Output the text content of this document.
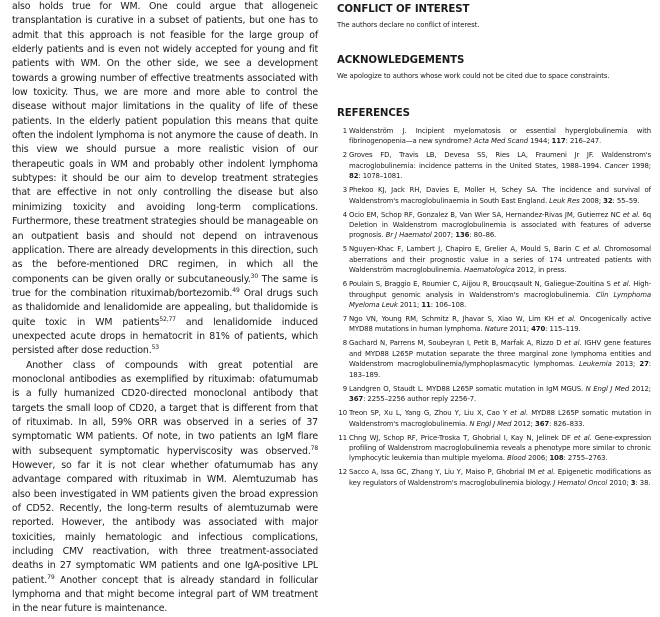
also holds true for WM. One could argue that allogeneic transplantation is curative in a subset of patients, but one has to admit that this approach is not feasible for the large group of elderly patients and is even not widely accepted for young and fit patients with WM. On the other side, we see a development towards a growing number of effective treatments associated with low toxicity. Thus, we are more and more able to control the disease without major limitations in the quality of life of these patients. In the elderly patient population this means that quite often the indolent lymphoma is not anymore the cause of death. In this view we should pursue a more realistic vision of our therapeutic goals in WM and probably other indolent lymphoma subtypes: it should be our aim to develop treatment strategies that are effective in not only controlling the disease but also minimizing toxicity and avoiding long-term complications. Furthermore, these treatment strategies should be manageable on an outpatient basis and should not depend on intravenous application. There are already developments in this direction, such as the before-mentioned DRC regimen, in which all the components can be given orally or subcutaneously.$^{30}$ The same is true for the combination rituximab/bortezomib.$^{49}$ Oral drugs such as thalidomide and lenalidomide are appealing, but thalidomide is quite toxic in WM patients$^{52,77}$ and lenalidomide induced unexpected acute drops in hematocrit in 81% of patients, which persisted after dose reduction.$^{53}$

Another class of compounds with great potential are monoclonal antibodies as exemplified by rituximab: ofatumumab is a fully humanized CD20-directed monoclonal antibody that targets the small loop of CD20, a target that is different from that of rituximab. In all, 59% ORR was observed in a series of 37 symptomatic WM patients. Of note, in two patients an IgM flare with subsequent symptomatic hyperviscosity was observed.$^{78}$ However, so far it is not clear whether ofatumumab has any advantage compared with rituximab in WM. Alemtuzumab has also been investigated in WM patients given the broad expression of CD52. Recently, the long-term results of alemtuzumab were reported. However, the antibody was associated with major toxicities, mainly hematologic and infectious complications, including CMV reactivation, with three treatment-associated deaths in 27 symptomatic WM patients and one IgA-positive LPL patient.$^{79}$ Another concept that is already standard in follicular lymphoma and that might become integral part of WM treatment in the near future is maintenance.

CONFLICT OF INTEREST

The authors declare no conflict of interest.

ACKNOWLEDGEMENTS

We apologize to authors whose work could not be cited due to space constraints.

REFERENCES
1 Waldenström J. Incipient myelomatosis or essential hyperglobulinemia with fibrinogenopenia—a new syndrome? Acta Med Scand 1944; 117: 216–247.
2 Groves FD, Travis LB, Devesa SS, Ries LA, Fraumeni Jr JF. Waldenstrom's macroglobulinemia: incidence patterns in the United States, 1988–1994. Cancer 1998; 82: 1078–1081.
3 Phekoo KJ, Jack RH, Davies E, Moller H, Schey SA. The incidence and survival of Waldenstrom's macroglobulinaemia in South East England. Leuk Res 2008; 32: 55–59.
4 Ocio EM, Schop RF, Gonzalez B, Van Wier SA, Hernandez-Rivas JM, Gutierrez NC et al. 6q Deletion in Waldenstrom macroglobulinemia is associated with features of adverse prognosis. Br J Haematol 2007; 136: 80–86.
5 Nguyen-Khac F, Lambert J, Chapiro E, Grelier A, Mould S, Barin C et al. Chromosomal aberrations and their prognostic value in a series of 174 untreated patients with Waldenström macroglobulinemia. Haematologica 2012, in press.
6 Poulain S, Braggio E, Roumier C, Aijjou R, Broucqsault N, Galiegue-Zouitina S et al. High-throughput genomic analysis in Waldenstrom's macroglobulinemia. Clin Lymphoma Myeloma Leuk 2011; 11: 106–108.
7 Ngo VN, Young RM, Schmitz R, Jhavar S, Xiao W, Lim KH et al. Oncogenically active MYD88 mutations in human lymphoma. Nature 2011; 470: 115–119.
8 Gachard N, Parrens M, Soubeyran I, Petit B, Marfak A, Rizzo D et al. IGHV gene features and MYD88 L265P mutation separate the three marginal zone lymphoma entities and Waldenstrom macroglobulinemia/lymphoplasmacytic lymphomas. Leukemia 2013; 27: 183–189.
9 Landgren O, Staudt L. MYD88 L265P somatic mutation in IgM MGUS. N Engl J Med 2012; 367: 2255–2256 author reply 2256-7.
10 Treon SP, Xu L, Yang G, Zhou Y, Liu X, Cao Y et al. MYD88 L265P somatic mutation in Waldenstrom's macroglobulinemia. N Engl J Med 2012; 367: 826–833.
11 Chng WJ, Schop RF, Price-Troska T, Ghobrial I, Kay N, Jelinek DF et al. Gene-expression profiling of Waldenstrom macroglobulinemia reveals a phenotype more similar to chronic lymphocytic leukemia than multiple myeloma. Blood 2006; 108: 2755–2763.
12 Sacco A, Issa GC, Zhang Y, Liu Y, Maiso P, Ghobrial IM et al. Epigenetic modifications as key regulators of Waldenstrom's macroglobulinemia biology. J Hematol Oncol 2010; 3: 38.
